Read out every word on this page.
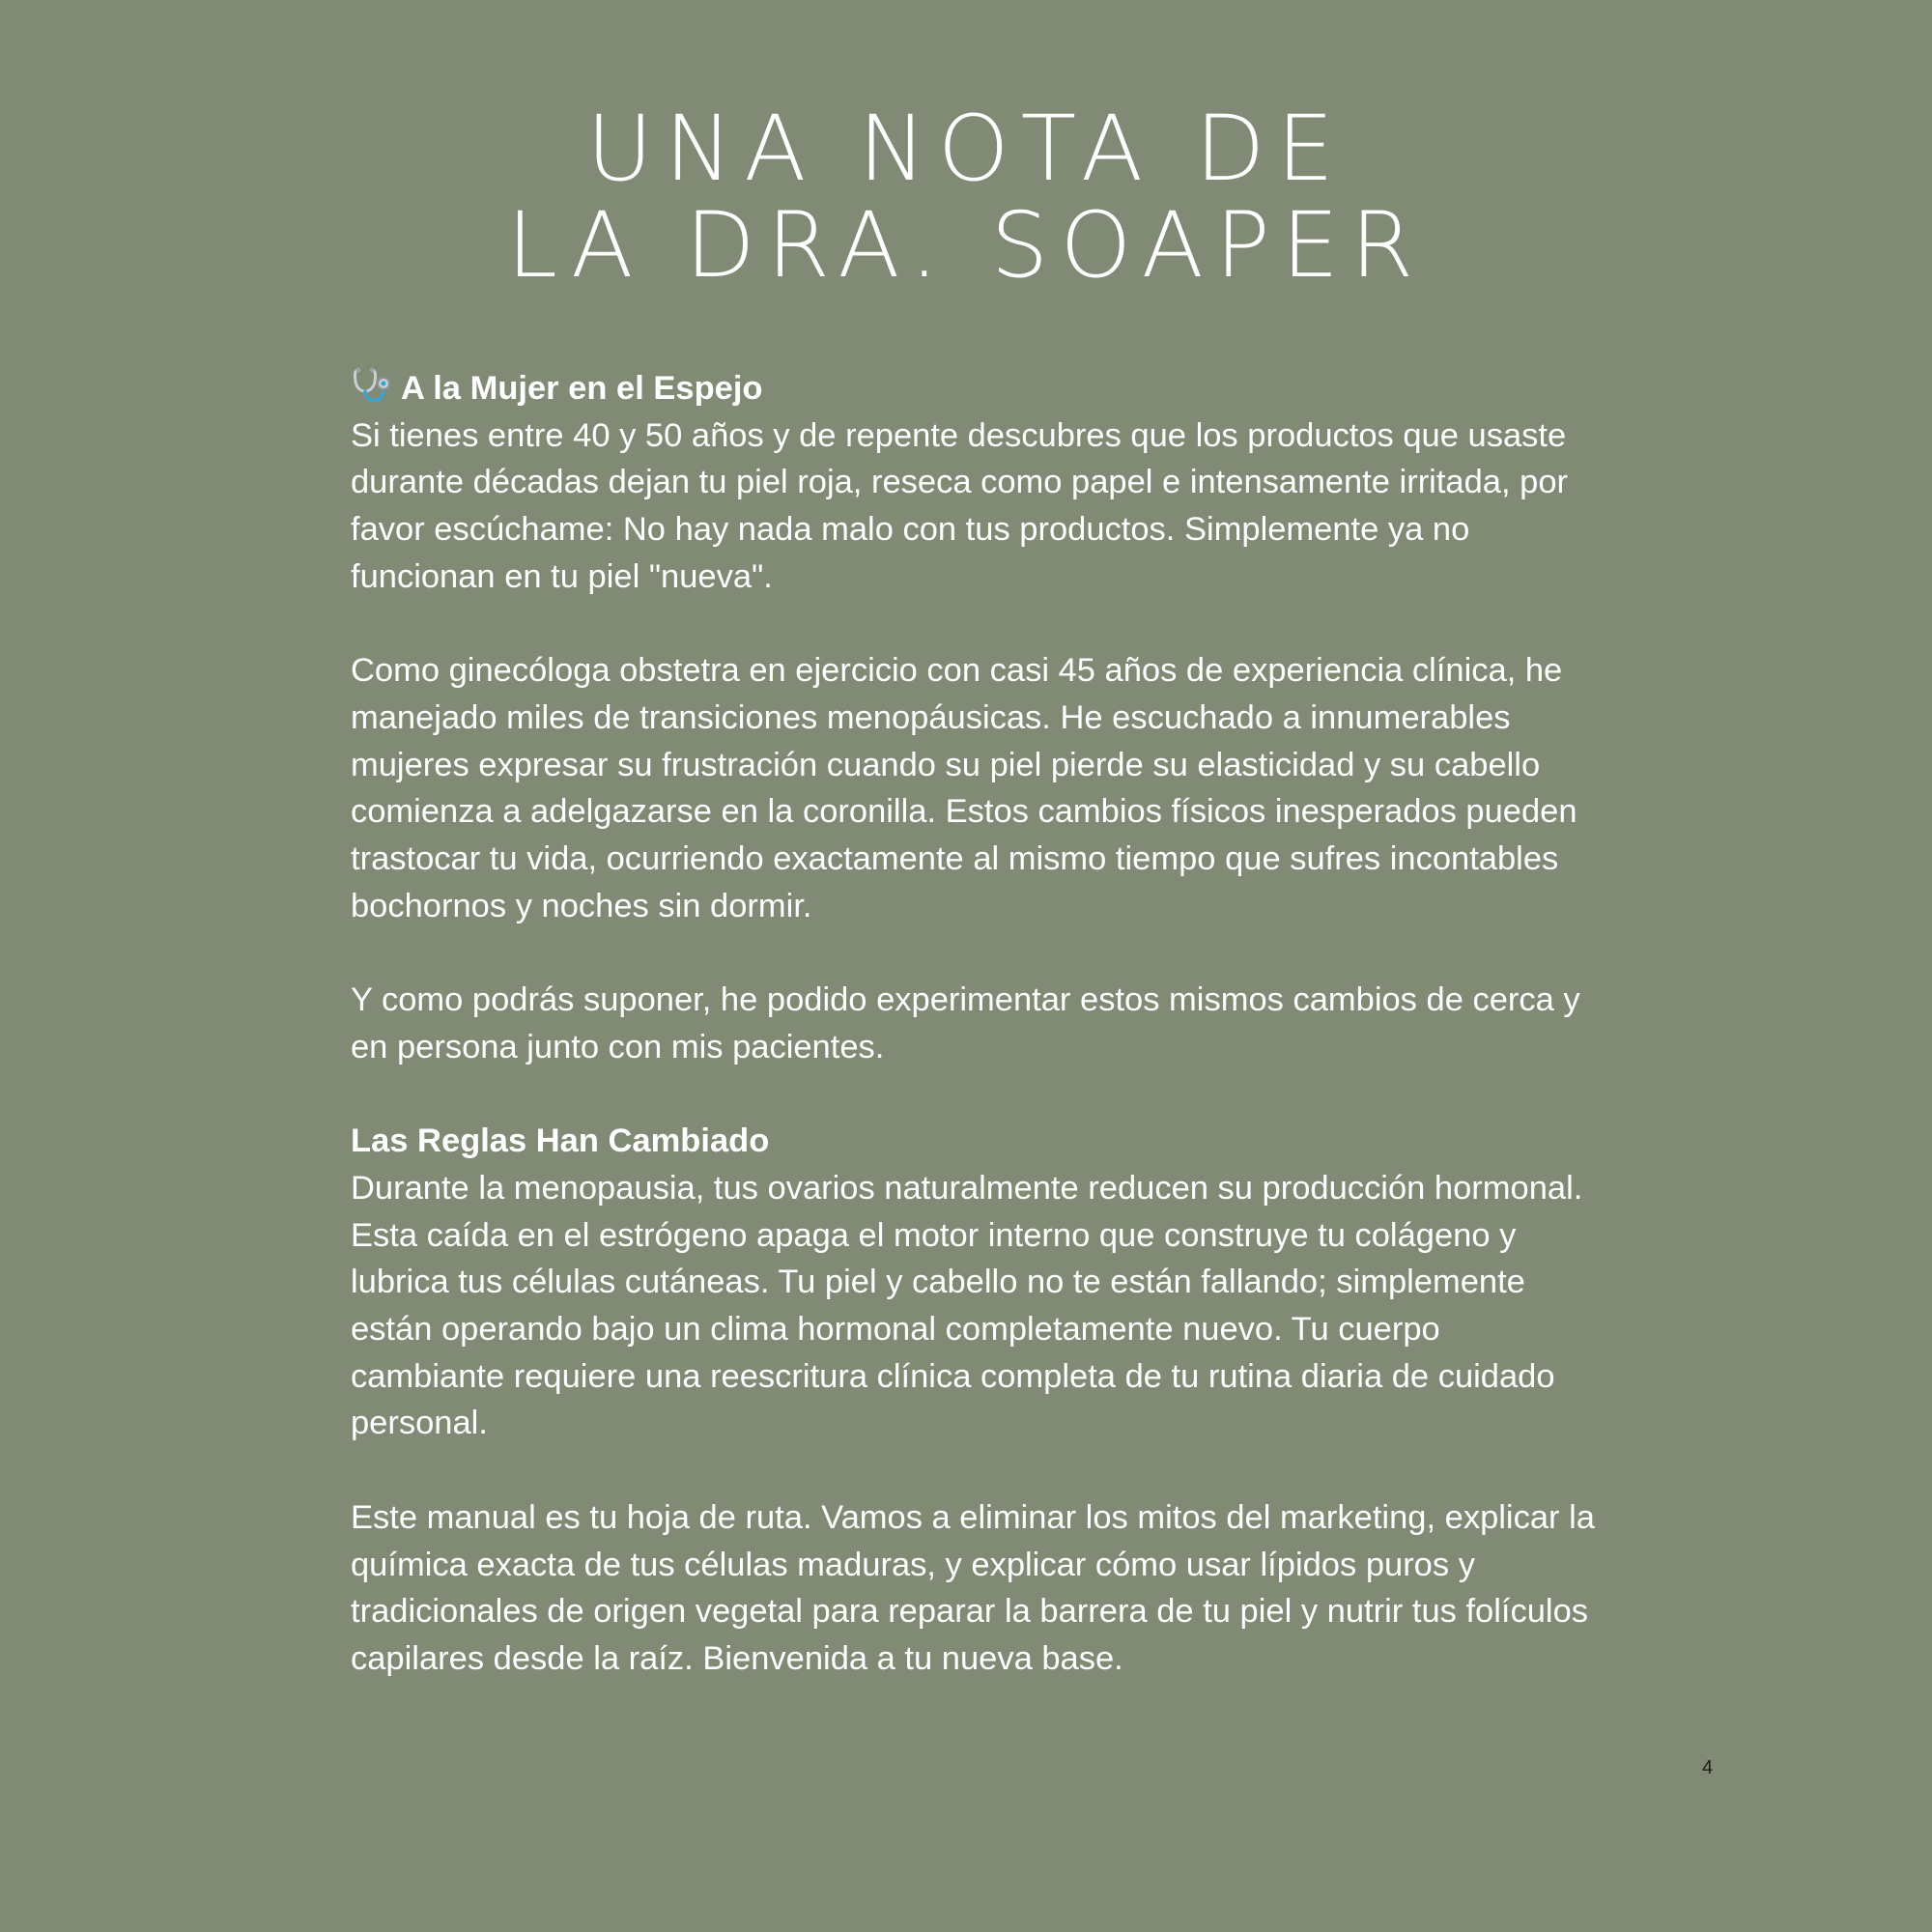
UNA NOTA DE
LA DRA. SOAPER
A la Mujer en el Espejo

Si tienes entre 40 y 50 años y de repente descubres que los productos que usaste durante décadas dejan tu piel roja, reseca como papel e intensamente irritada, por favor escúchame: No hay nada malo con tus productos. Simplemente ya no funcionan en tu piel "nueva".

Como ginecóloga obstetra en ejercicio con casi 45 años de experiencia clínica, he manejado miles de transiciones menopáusicas. He escuchado a innumerables mujeres expresar su frustración cuando su piel pierde su elasticidad y su cabello comienza a adelgazarse en la coronilla. Estos cambios físicos inesperados pueden trastocar tu vida, ocurriendo exactamente al mismo tiempo que sufres incontables bochornos y noches sin dormir.

Y como podrás suponer, he podido experimentar estos mismos cambios de cerca y en persona junto con mis pacientes.

Las Reglas Han Cambiado

Durante la menopausia, tus ovarios naturalmente reducen su producción hormonal. Esta caída en el estrógeno apaga el motor interno que construye tu colágeno y lubrica tus células cutáneas. Tu piel y cabello no te están fallando; simplemente están operando bajo un clima hormonal completamente nuevo. Tu cuerpo cambiante requiere una reescritura clínica completa de tu rutina diaria de cuidado personal.

Este manual es tu hoja de ruta. Vamos a eliminar los mitos del marketing, explicar la química exacta de tus células maduras, y explicar cómo usar lípidos puros y tradicionales de origen vegetal para reparar la barrera de tu piel y nutrir tus folículos capilares desde la raíz. Bienvenida a tu nueva base.

4
